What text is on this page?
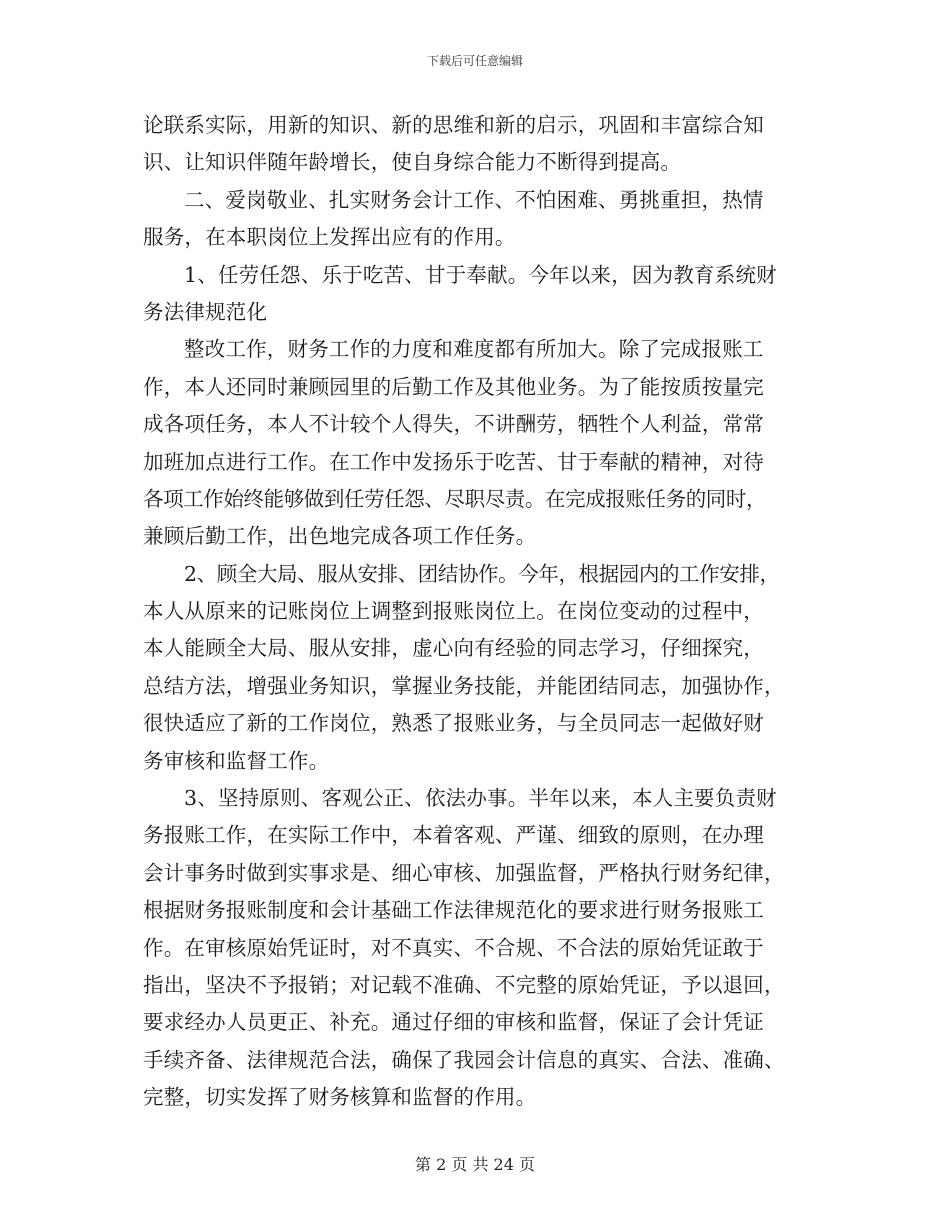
下载后可任意编辑
论联系实际，用新的知识、新的思维和新的启示，巩固和丰富综合知
识、让知识伴随年龄增长，使自身综合能力不断得到提高。
二、爱岗敬业、扎实财务会计工作、不怕困难、勇挑重担，热情
服务，在本职岗位上发挥出应有的作用。
1、任劳任怨、乐于吃苦、甘于奉献。今年以来，因为教育系统财
务法律规范化
整改工作，财务工作的力度和难度都有所加大。除了完成报账工
作，本人还同时兼顾园里的后勤工作及其他业务。为了能按质按量完
成各项任务，本人不计较个人得失，不讲酬劳，牺牲个人利益，常常
加班加点进行工作。在工作中发扬乐于吃苦、甘于奉献的精神，对待
各项工作始终能够做到任劳任怨、尽职尽责。在完成报账任务的同时，
兼顾后勤工作，出色地完成各项工作任务。
2、顾全大局、服从安排、团结协作。今年，根据园内的工作安排，
本人从原来的记账岗位上调整到报账岗位上。在岗位变动的过程中，
本人能顾全大局、服从安排，虚心向有经验的同志学习，仔细探究，
总结方法，增强业务知识，掌握业务技能，并能团结同志，加强协作，
很快适应了新的工作岗位，熟悉了报账业务，与全员同志一起做好财
务审核和监督工作。
3、坚持原则、客观公正、依法办事。半年以来，本人主要负责财
务报账工作，在实际工作中，本着客观、严谨、细致的原则，在办理
会计事务时做到实事求是、细心审核、加强监督，严格执行财务纪律，
根据财务报账制度和会计基础工作法律规范化的要求进行财务报账工
作。在审核原始凭证时，对不真实、不合规、不合法的原始凭证敢于
指出，坚决不予报销；对记载不准确、不完整的原始凭证，予以退回，
要求经办人员更正、补充。通过仔细的审核和监督，保证了会计凭证
手续齐备、法律规范合法，确保了我园会计信息的真实、合法、准确、
完整，切实发挥了财务核算和监督的作用。
第 2 页 共 24 页
